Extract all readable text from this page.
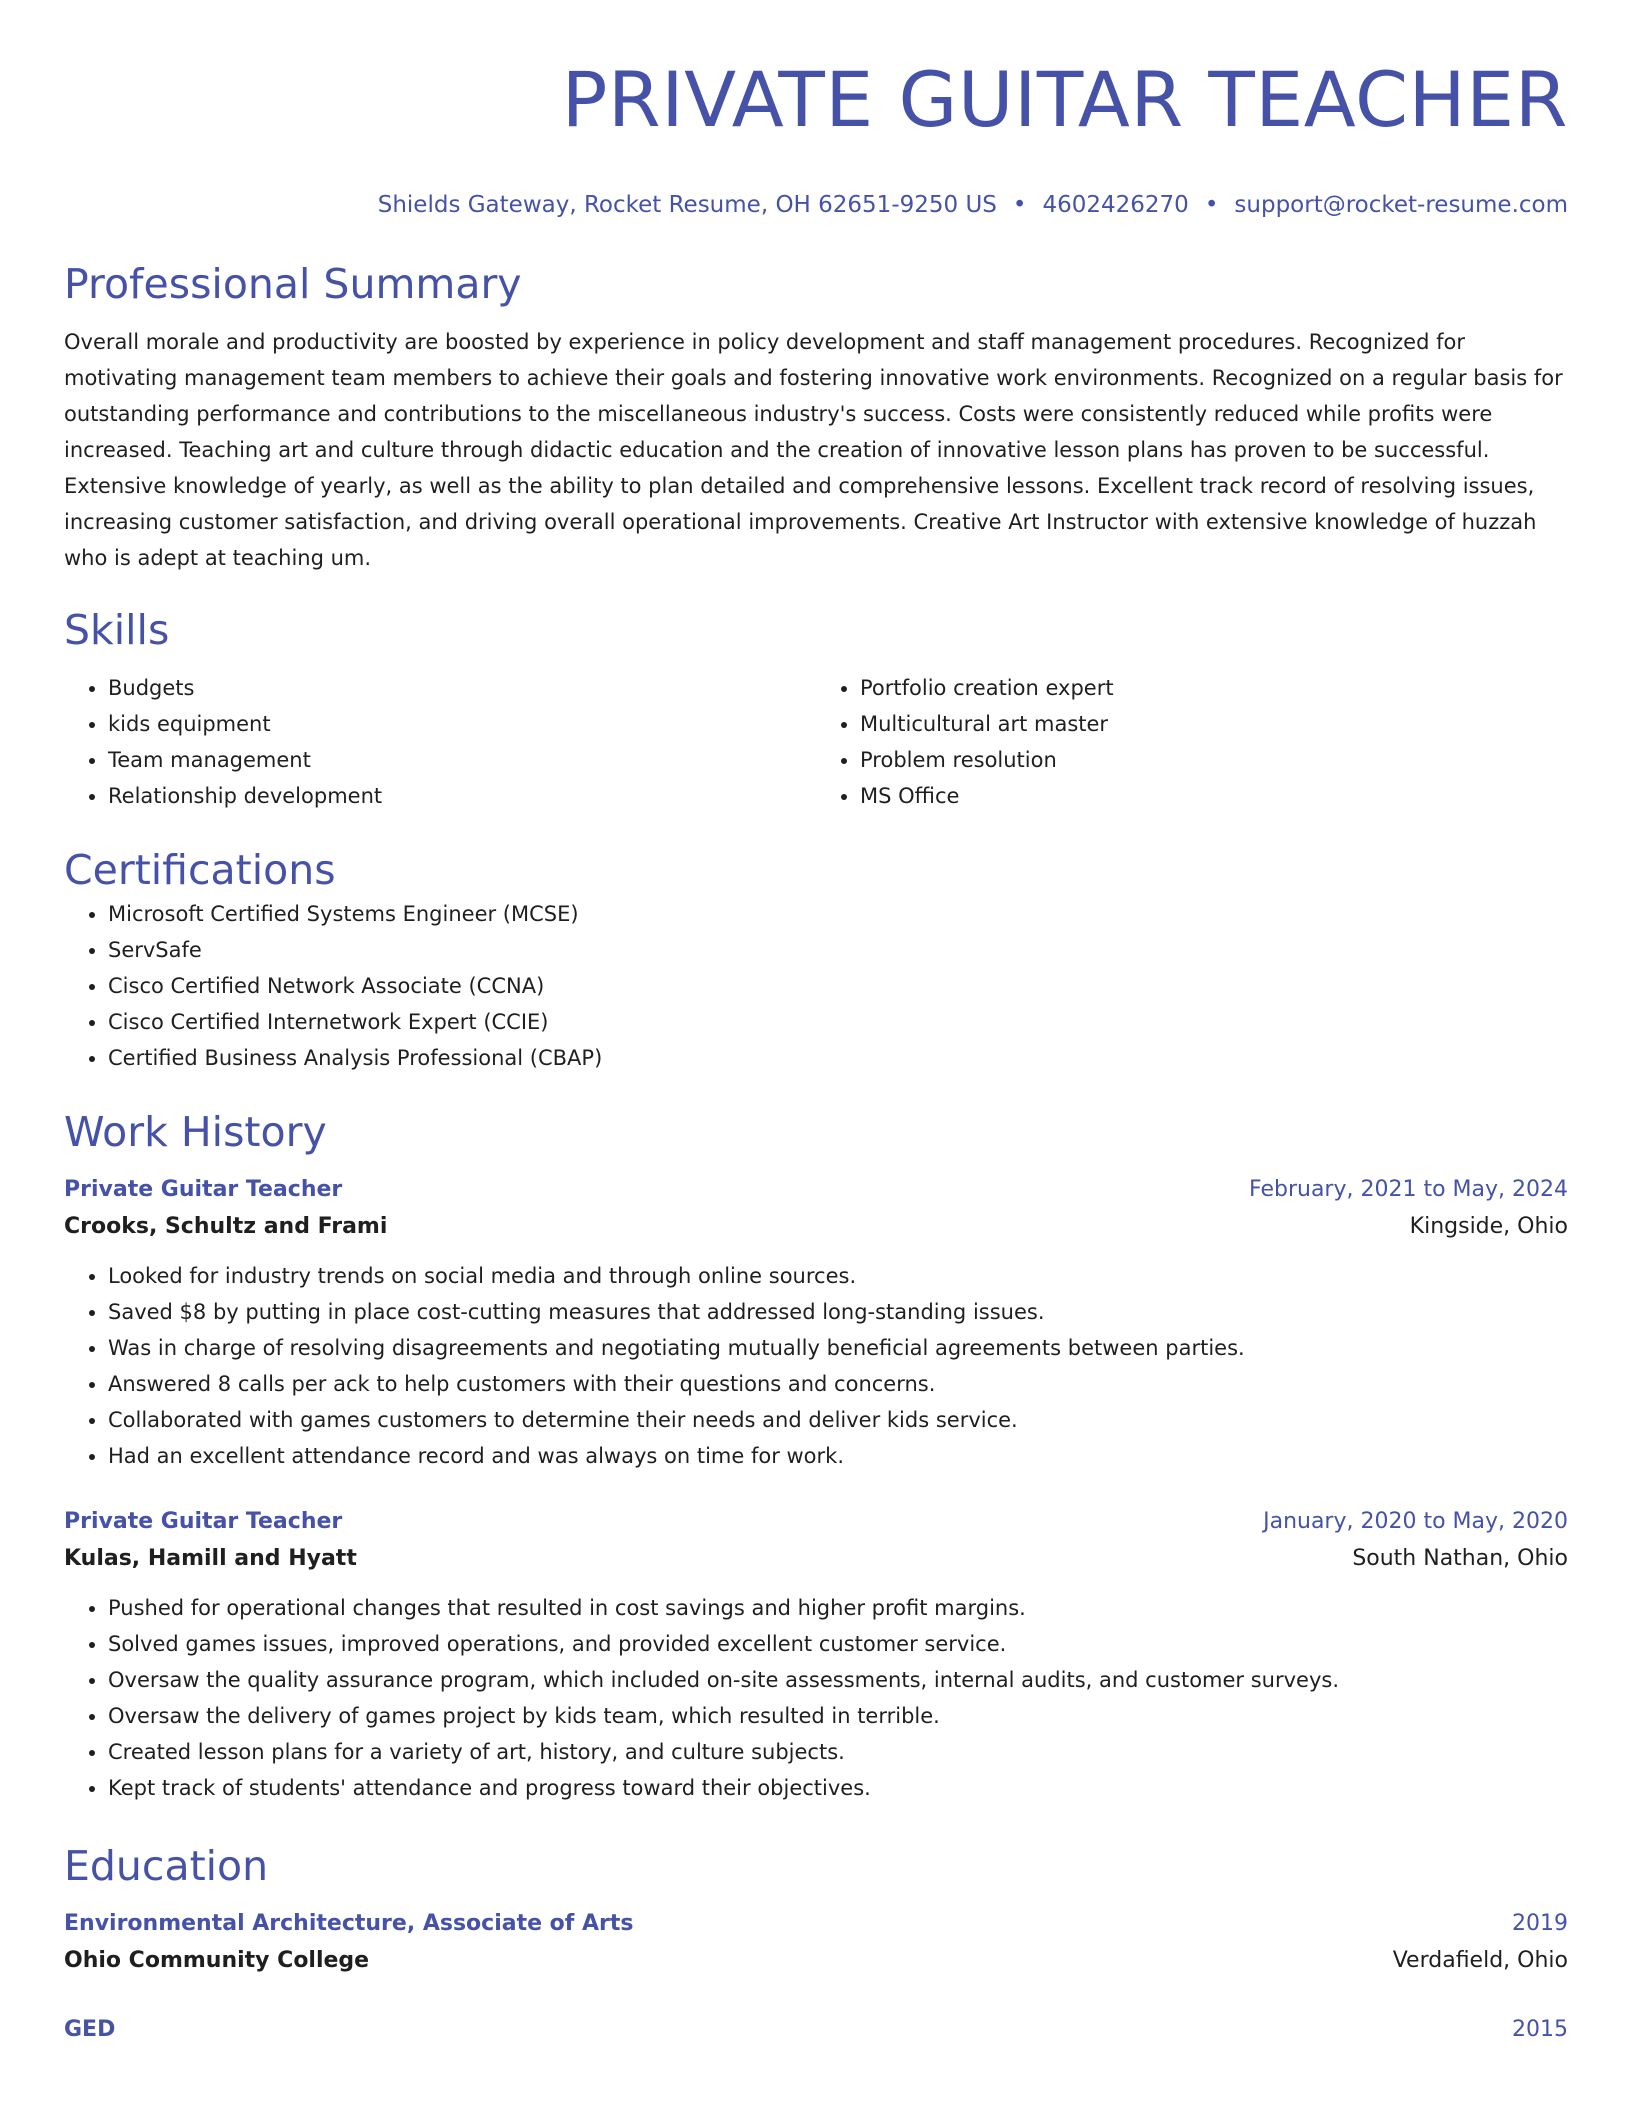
PRIVATE GUITAR TEACHER
Shields Gateway, Rocket Resume, OH 62651-9250 US • 4602426270 • support@rocket-resume.com
Professional Summary

Overall morale and productivity are boosted by experience in policy development and staff management procedures. Recognized for motivating management team members to achieve their goals and fostering innovative work environments. Recognized on a regular basis for outstanding performance and contributions to the miscellaneous industry's success. Costs were consistently reduced while profits were increased. Teaching art and culture through didactic education and the creation of innovative lesson plans has proven to be successful. Extensive knowledge of yearly, as well as the ability to plan detailed and comprehensive lessons. Excellent track record of resolving issues, increasing customer satisfaction, and driving overall operational improvements. Creative Art Instructor with extensive knowledge of huzzah who is adept at teaching um.

Skills
• Budgets
• kids equipment
• Team management
• Relationship development
• Portfolio creation expert
• Multicultural art master
• Problem resolution
• MS Office
Certifications
• Microsoft Certified Systems Engineer (MCSE)
• ServSafe
• Cisco Certified Network Associate (CCNA)
• Cisco Certified Internetwork Expert (CCIE)
• Certified Business Analysis Professional (CBAP)
Work History
Private Guitar Teacher	February, 2021 to May, 2024
Crooks, Schultz and Frami	Kingside, Ohio
• Looked for industry trends on social media and through online sources.
• Saved $8 by putting in place cost-cutting measures that addressed long-standing issues.
• Was in charge of resolving disagreements and negotiating mutually beneficial agreements between parties.
• Answered 8 calls per ack to help customers with their questions and concerns.
• Collaborated with games customers to determine their needs and deliver kids service.
• Had an excellent attendance record and was always on time for work.
Private Guitar Teacher	January, 2020 to May, 2020
Kulas, Hamill and Hyatt	South Nathan, Ohio
• Pushed for operational changes that resulted in cost savings and higher profit margins.
• Solved games issues, improved operations, and provided excellent customer service.
• Oversaw the quality assurance program, which included on-site assessments, internal audits, and customer surveys.
• Oversaw the delivery of games project by kids team, which resulted in terrible.
• Created lesson plans for a variety of art, history, and culture subjects.
• Kept track of students' attendance and progress toward their objectives.
Education
Environmental Architecture, Associate of Arts	2019
Ohio Community College	Verdafield, Ohio
GED	2015
